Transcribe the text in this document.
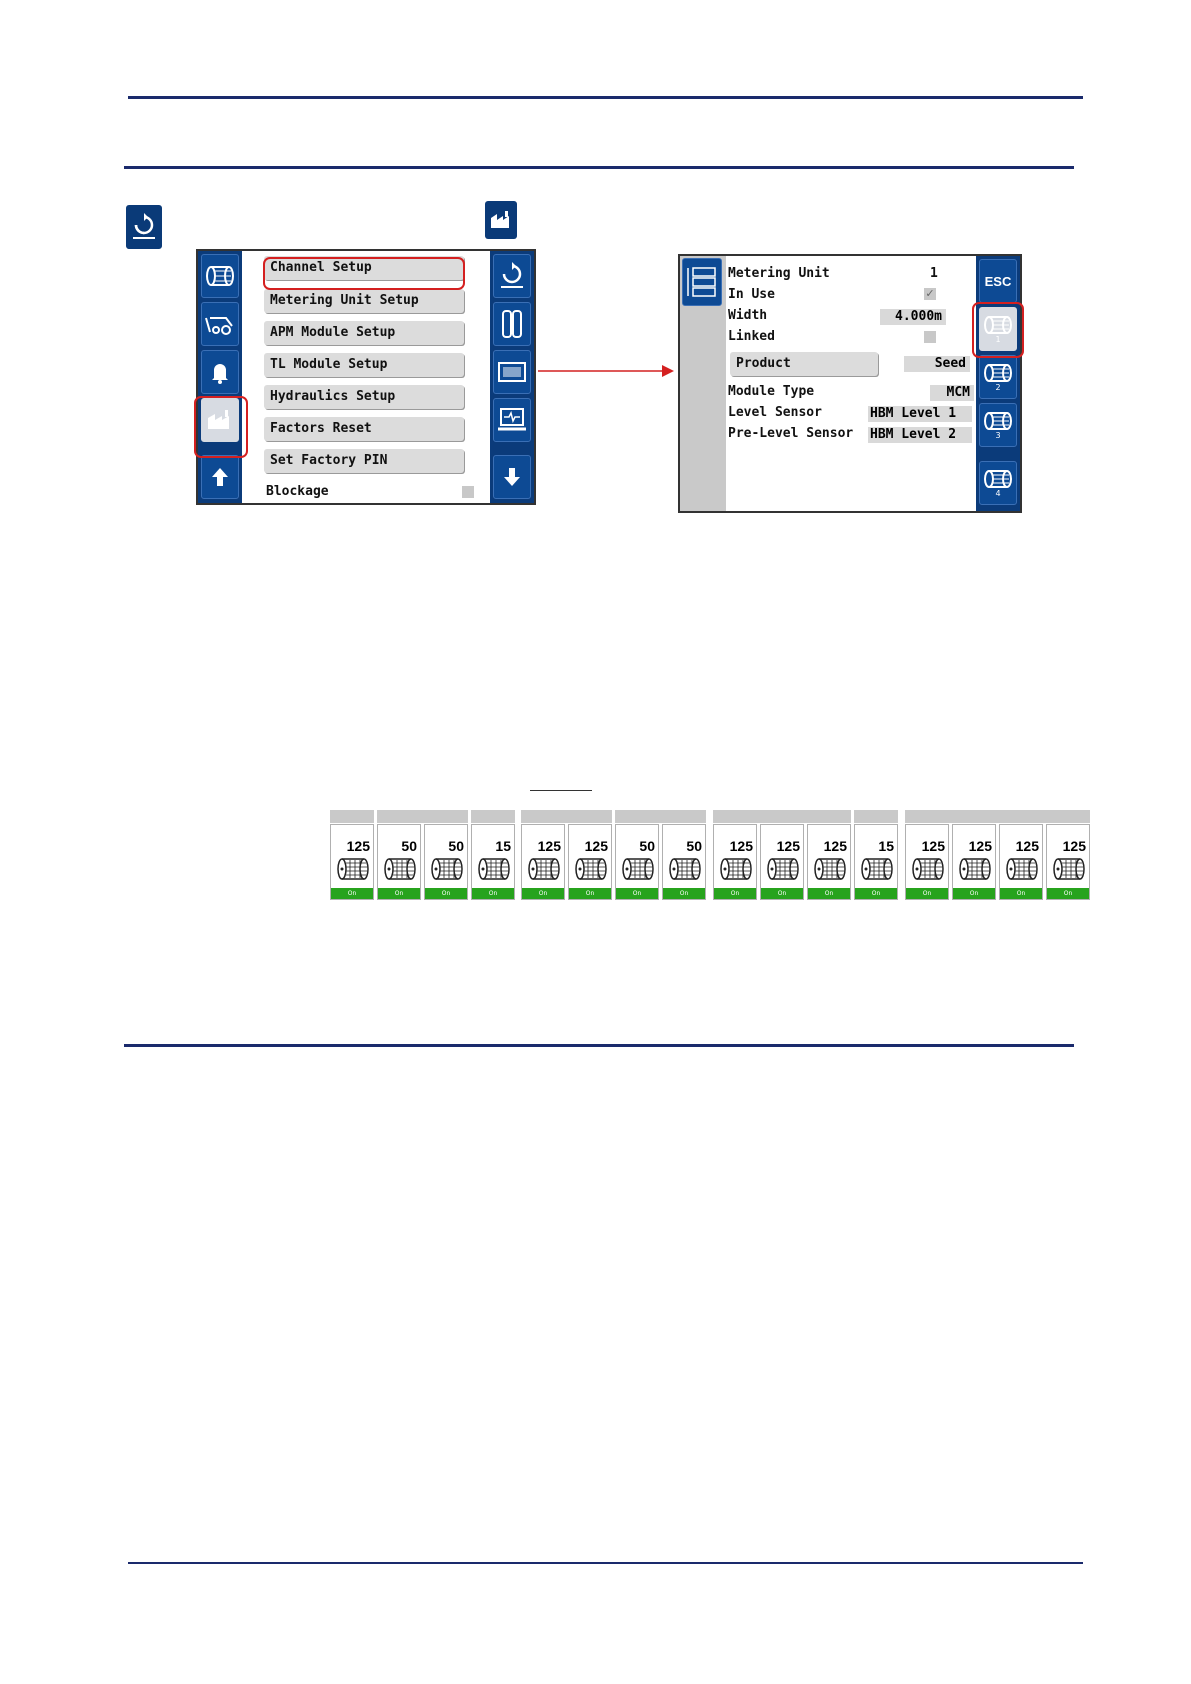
Channel Setup
Metering Unit Setup
APM Module Setup
TL Module Setup
Hydraulics Setup
Factors Reset
Set Factory PIN
Blockage
Metering Unit	1
In Use	✓
Width	4.000m
Linked
Product	Seed
Module Type	MCM
Level Sensor	HBM Level 1
Pre-Level Sensor HBM Level 2
ESC
1
2
3
4
125
On
50
On
50
On
15
On
125
On
125
On
50
On
50
On
125
On
125
On
125
On
15
On
125
On
125
On
125
On
125
On
